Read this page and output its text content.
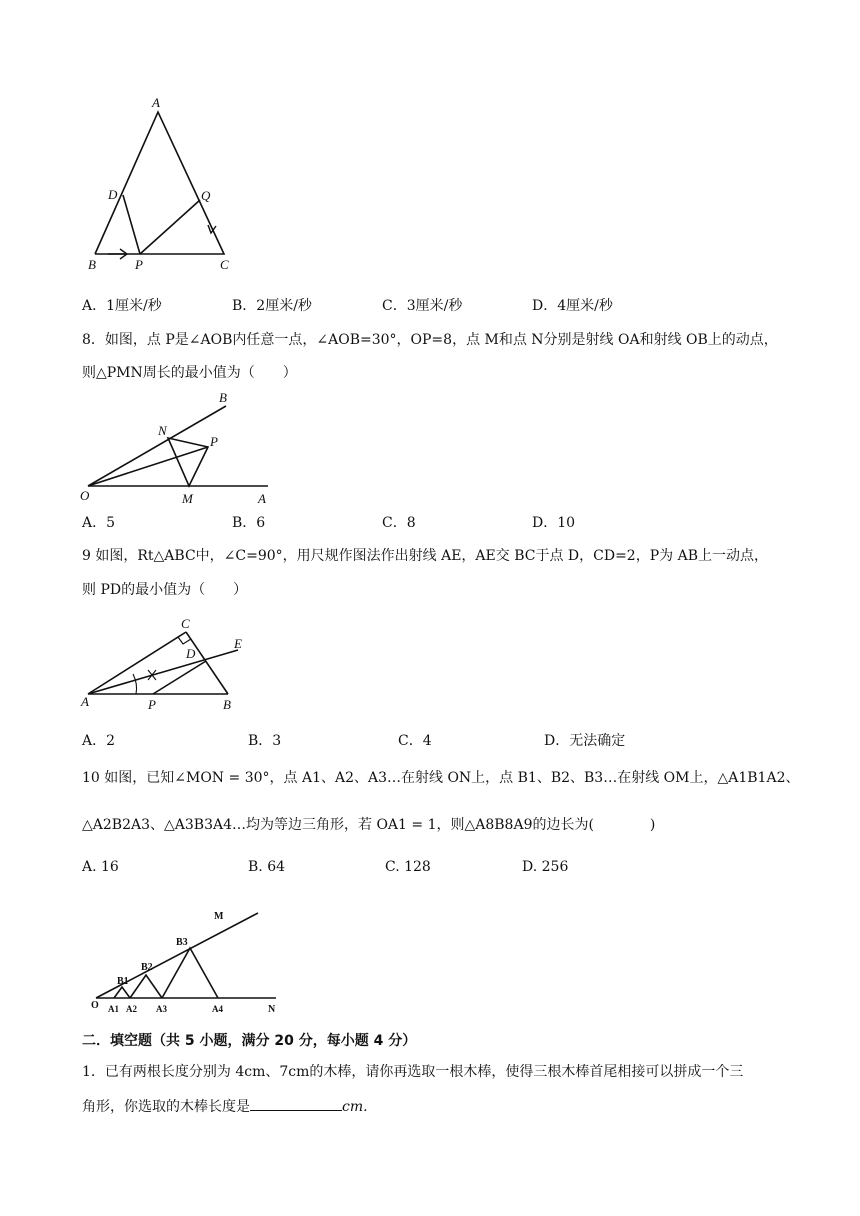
A
D	Q
B	P	C
A．1厘米/秒	B．2厘米/秒	C．3厘米/秒	D．4厘米/秒
8．如图，点 P是∠AOB内任意一点，∠AOB=30°，OP=8，点 M和点 N分别是射线 OA和射线 OB上的动点，
则△PMN周长的最小值为（　　）
B
N
P
O	M	A
A．5	B．6	C．8	D．10
9 如图，Rt△ABC中，∠C=90°，用尺规作图法作出射线 AE，AE交 BC于点 D，CD=2，P为 AB上一动点，
则 PD的最小值为（　　）
C
D
E
A	P	B
A．2	B．3	C．4	D．无法确定
10 如图，已知∠MON = 30°，点 A1、A2、A3…在射线 ON上，点 B1、B2、B3…在射线 OM上，△A1B1A2、
△A2B2A3、△A3B3A4…均为等边三角形，若 OA1 = 1，则△A8B8A9的边长为(　　　　)
A. 16	B. 64	C. 128	D. 256
M
B3
B2
B1
O A1 A2 A3	A4	N
二．填空题（共 5 小题，满分 20 分，每小题 4 分）
1．已有两根长度分别为 4cm、7cm的木棒，请你再选取一根木棒，使得三根木棒首尾相接可以拼成一个三
角形，你选取的木棒长度是	cm.
